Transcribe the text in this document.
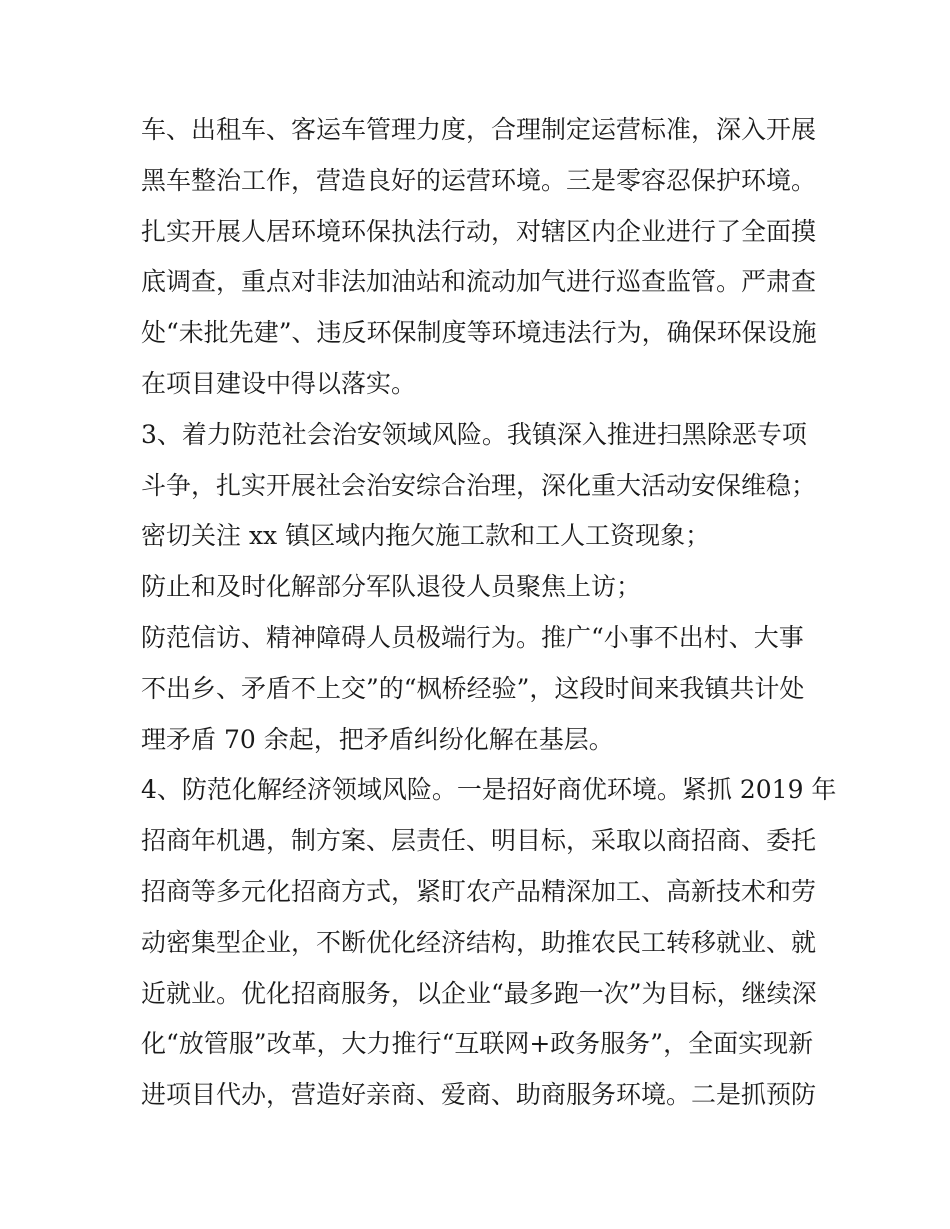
车、出租车、客运车管理力度，合理制定运营标准，深入开展
黑车整治工作，营造良好的运营环境。三是零容忍保护环境。
扎实开展人居环境环保执法行动，对辖区内企业进行了全面摸
底调查，重点对非法加油站和流动加气进行巡查监管。严肃查
处“未批先建”、违反环保制度等环境违法行为，确保环保设施
在项目建设中得以落实。
3、着力防范社会治安领域风险。我镇深入推进扫黑除恶专项
斗争，扎实开展社会治安综合治理，深化重大活动安保维稳；
密切关注 xx 镇区域内拖欠施工款和工人工资现象；
防止和及时化解部分军队退役人员聚焦上访；
防范信访、精神障碍人员极端行为。推广“小事不出村、大事
不出乡、矛盾不上交”的“枫桥经验”，这段时间来我镇共计处
理矛盾 70 余起，把矛盾纠纷化解在基层。
4、防范化解经济领域风险。一是招好商优环境。紧抓 2019 年
招商年机遇，制方案、层责任、明目标，采取以商招商、委托
招商等多元化招商方式，紧盯农产品精深加工、高新技术和劳
动密集型企业，不断优化经济结构，助推农民工转移就业、就
近就业。优化招商服务，以企业“最多跑一次”为目标，继续深
化“放管服”改革，大力推行“互联网+政务服务”，全面实现新
进项目代办，营造好亲商、爱商、助商服务环境。二是抓预防
